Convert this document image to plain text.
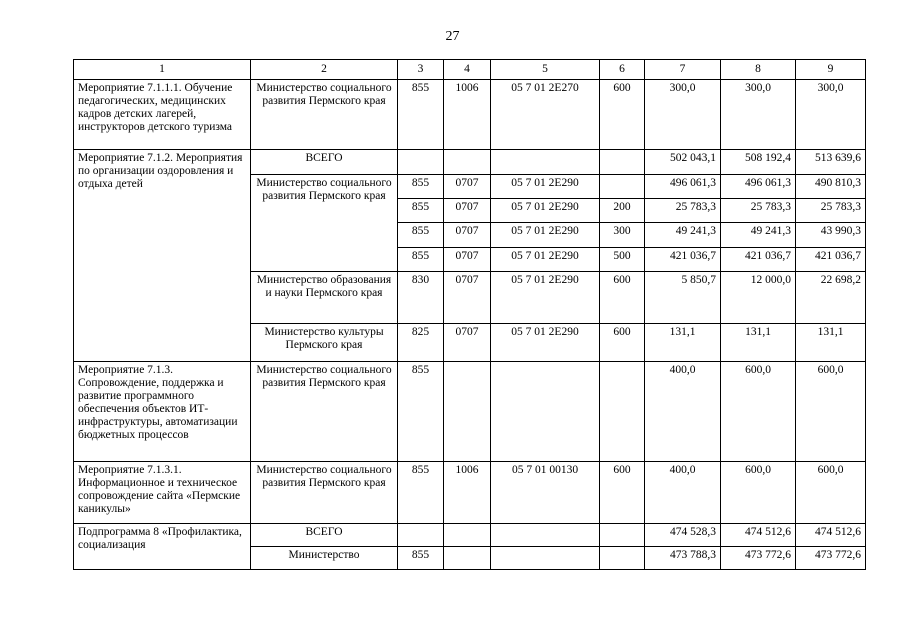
27
1	2	3	4	5	6	7	8	9
Мероприятие 7.1.1.1. Обучение педагогических, медицинских кадров детских лагерей, инструкторов детского туризма	Министерство социального развития Пермского края	855	1006	05 7 01 2Е270	600	300,0	300,0	300,0
Мероприятие 7.1.2. Мероприятия по организации оздоровления и отдыха детей	ВСЕГО					502 043,1	508 192,4	513 639,6
	Министерство социального развития Пермского края	855	0707	05 7 01 2Е290		496 061,3	496 061,3	490 810,3
		855	0707	05 7 01 2Е290	200	25 783,3	25 783,3	25 783,3
		855	0707	05 7 01 2Е290	300	49 241,3	49 241,3	43 990,3
		855	0707	05 7 01 2Е290	500	421 036,7	421 036,7	421 036,7
	Министерство образования и науки Пермского края	830	0707	05 7 01 2Е290	600	5 850,7	12 000,0	22 698,2
	Министерство культуры Пермского края	825	0707	05 7 01 2Е290	600	131,1	131,1	131,1
Мероприятие 7.1.3. Сопровождение, поддержка и развитие программного обеспечения объектов ИТ-инфраструктуры, автоматизации бюджетных процессов	Министерство социального развития Пермского края	855				400,0	600,0	600,0
Мероприятие 7.1.3.1. Информационное и техническое сопровождение сайта «Пермские каникулы»	Министерство социального развития Пермского края	855	1006	05 7 01 00130	600	400,0	600,0	600,0
Подпрограмма 8 «Профилактика, социализация	ВСЕГО					474 528,3	474 512,6	474 512,6
	Министерство	855				473 788,3	473 772,6	473 772,6
